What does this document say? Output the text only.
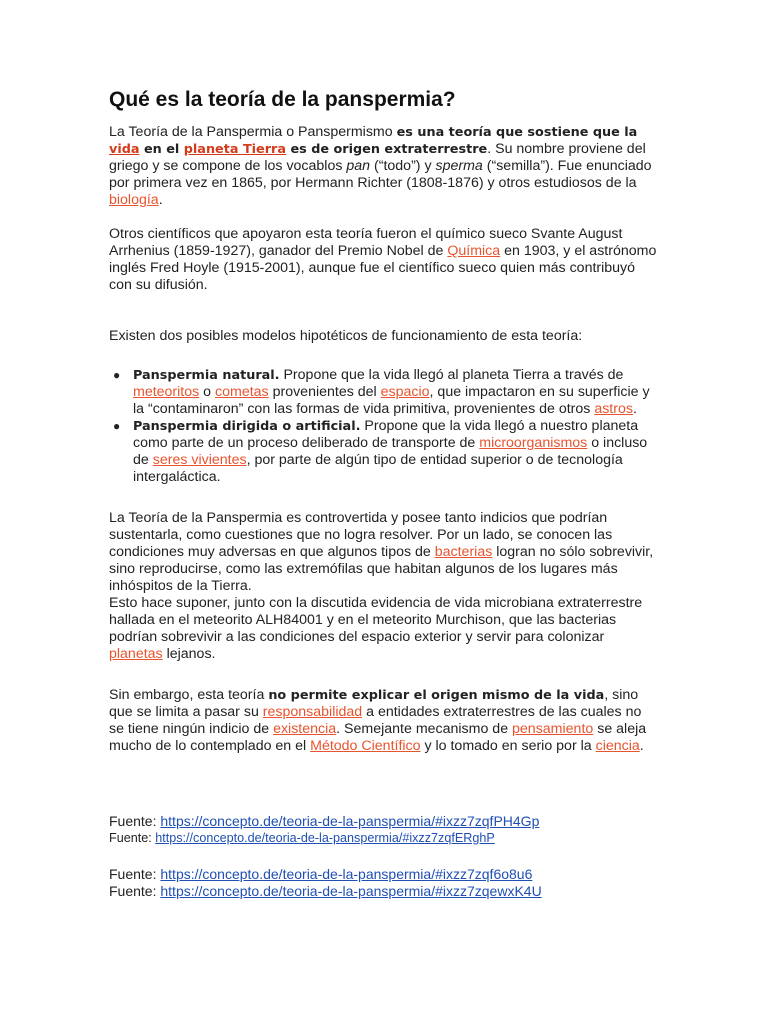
Qué es la teoría de la panspermia?

La Teoría de la Panspermia o Panspermismo es una teoría que sostiene que la vida en el planeta Tierra es de origen extraterrestre. Su nombre proviene del griego y se compone de los vocablos pan (“todo”) y sperma (“semilla”). Fue enunciado por primera vez en 1865, por Hermann Richter (1808-1876) y otros estudiosos de la biología.

Otros científicos que apoyaron esta teoría fueron el químico sueco Svante August Arrhenius (1859-1927), ganador del Premio Nobel de Química en 1903, y el astrónomo inglés Fred Hoyle (1915-2001), aunque fue el científico sueco quien más contribuyó con su difusión.

Existen dos posibles modelos hipotéticos de funcionamiento de esta teoría:

● Panspermia natural. Propone que la vida llegó al planeta Tierra a través de meteoritos o cometas provenientes del espacio, que impactaron en su superficie y la “contaminaron” con las formas de vida primitiva, provenientes de otros astros.
● Panspermia dirigida o artificial. Propone que la vida llegó a nuestro planeta como parte de un proceso deliberado de transporte de microorganismos o incluso de seres vivientes, por parte de algún tipo de entidad superior o de tecnología intergaláctica.

La Teoría de la Panspermia es controvertida y posee tanto indicios que podrían sustentarla, como cuestiones que no logra resolver. Por un lado, se conocen las condiciones muy adversas en que algunos tipos de bacterias logran no sólo sobrevivir, sino reproducirse, como las extremófilas que habitan algunos de los lugares más inhóspitos de la Tierra.

Esto hace suponer, junto con la discutida evidencia de vida microbiana extraterrestre hallada en el meteorito ALH84001 y en el meteorito Murchison, que las bacterias podrían sobrevivir a las condiciones del espacio exterior y servir para colonizar planetas lejanos.

Sin embargo, esta teoría no permite explicar el origen mismo de la vida, sino que se limita a pasar su responsabilidad a entidades extraterrestres de las cuales no se tiene ningún indicio de existencia. Semejante mecanismo de pensamiento se aleja mucho de lo contemplado en el Método Científico y lo tomado en serio por la ciencia.

Fuente: https://concepto.de/teoria-de-la-panspermia/#ixzz7zqfPH4Gp
Fuente: https://concepto.de/teoria-de-la-panspermia/#ixzz7zqfERghP
Fuente: https://concepto.de/teoria-de-la-panspermia/#ixzz7zqf6o8u6
Fuente: https://concepto.de/teoria-de-la-panspermia/#ixzz7zqewxK4U
